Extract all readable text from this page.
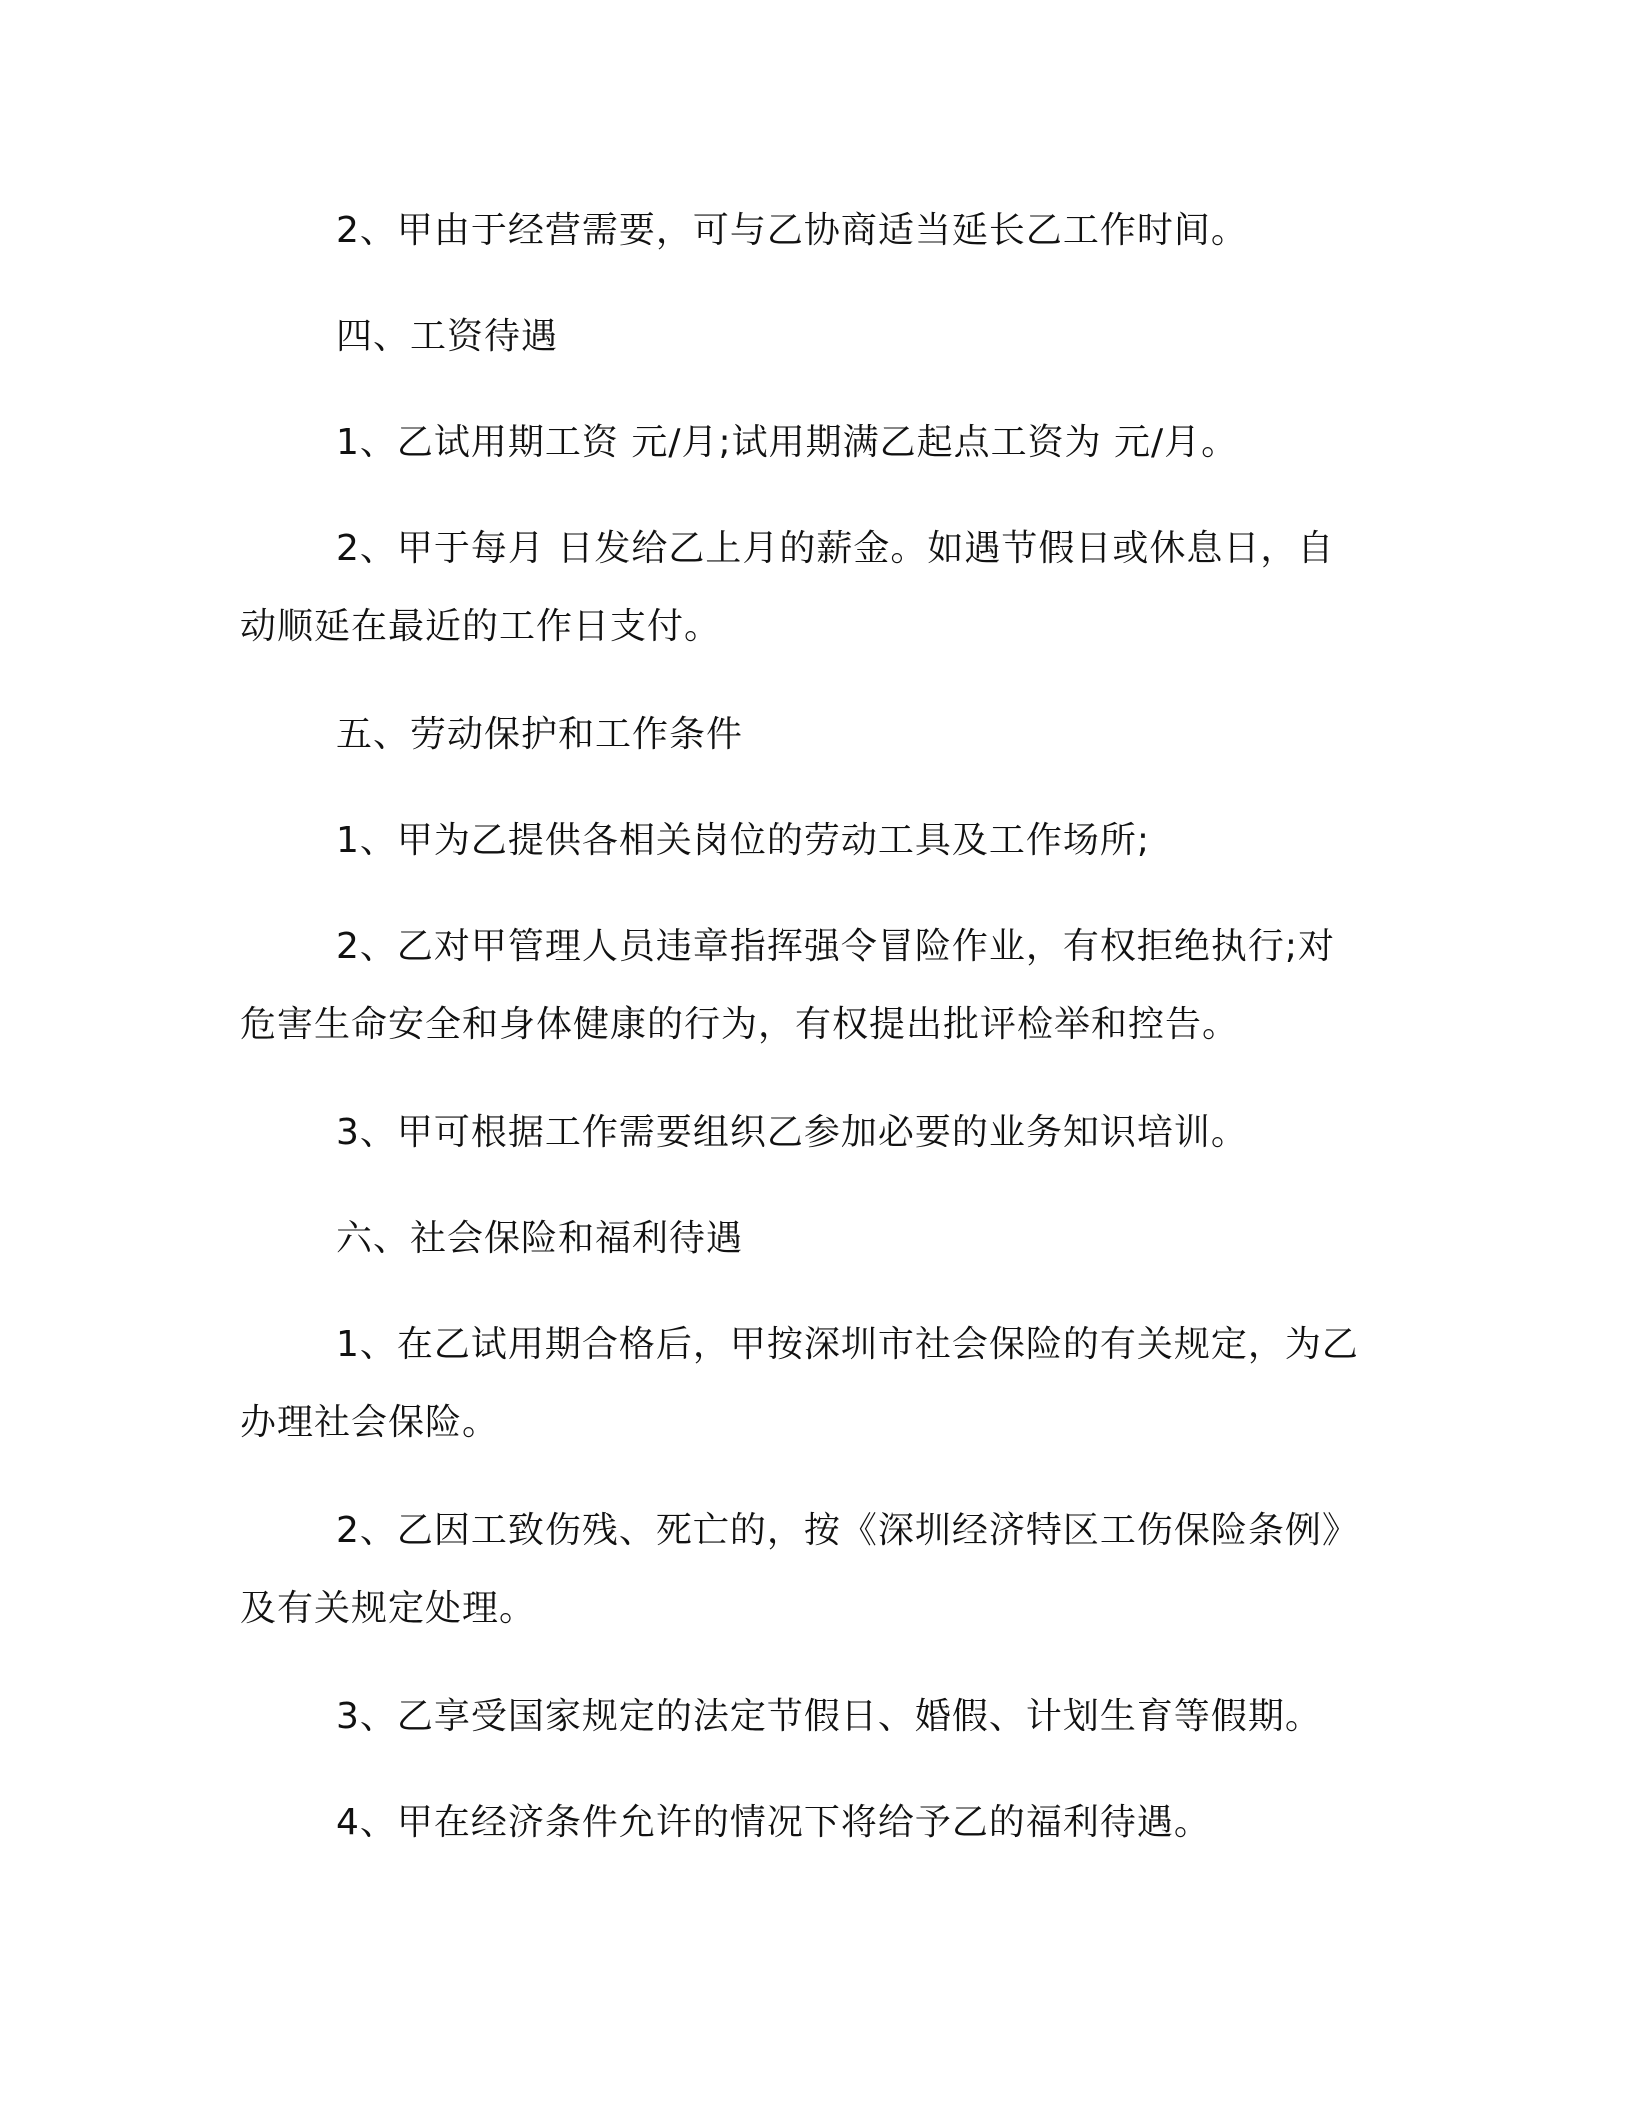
2、甲由于经营需要，可与乙协商适当延长乙工作时间。

四、工资待遇

1、乙试用期工资 元/月;试用期满乙起点工资为 元/月。

2、甲于每月 日发给乙上月的薪金。如遇节假日或休息日，自动顺延在最近的工作日支付。

五、劳动保护和工作条件

1、甲为乙提供各相关岗位的劳动工具及工作场所;

2、乙对甲管理人员违章指挥强令冒险作业，有权拒绝执行;对危害生命安全和身体健康的行为，有权提出批评检举和控告。

3、甲可根据工作需要组织乙参加必要的业务知识培训。

六、社会保险和福利待遇

1、在乙试用期合格后，甲按深圳市社会保险的有关规定，为乙办理社会保险。

2、乙因工致伤残、死亡的，按《深圳经济特区工伤保险条例》及有关规定处理。

3、乙享受国家规定的法定节假日、婚假、计划生育等假期。

4、甲在经济条件允许的情况下将给予乙的福利待遇。
